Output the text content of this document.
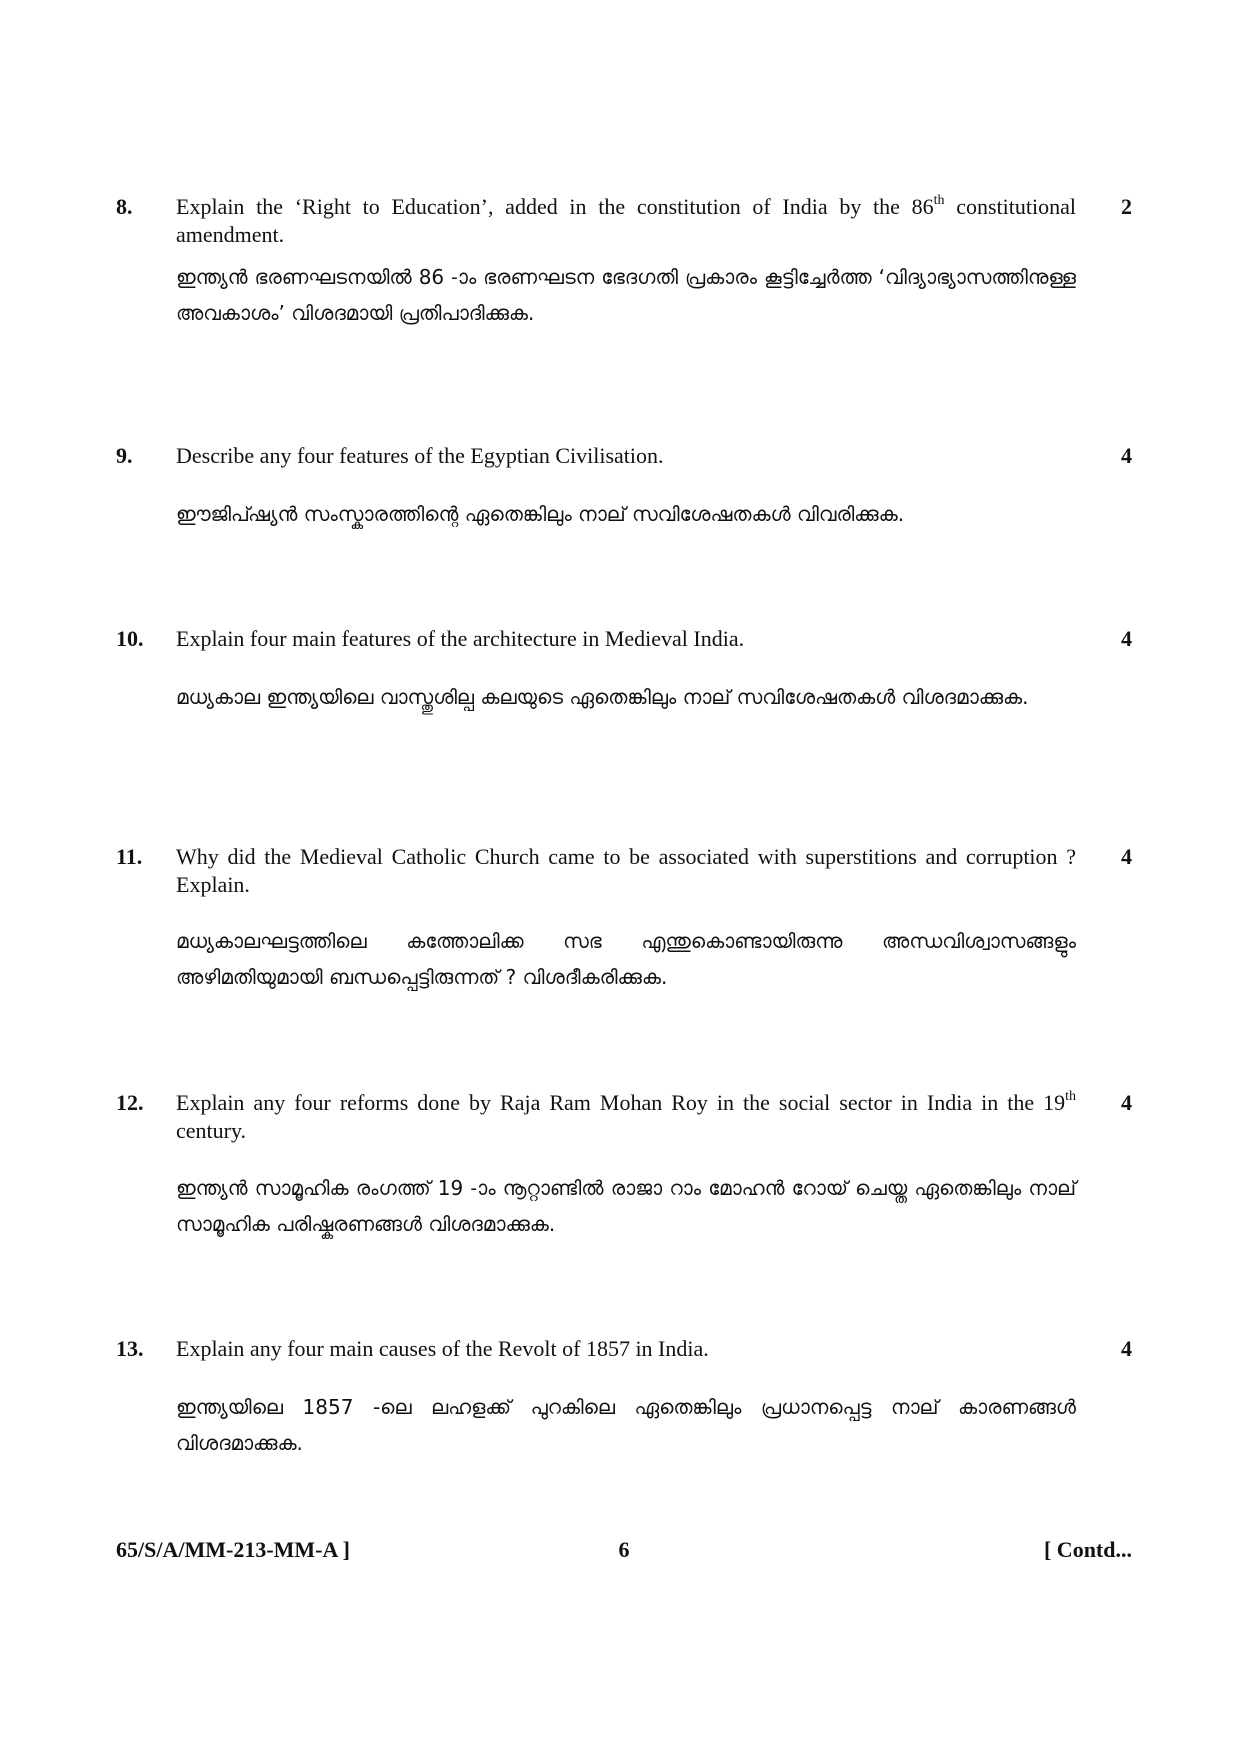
8. Explain the ‘Right to Education’, added in the constitution of India by the 86th constitutional amendment.
2
ഇന്ത്യൻ ഭരണഘടനയിൽ 86 -ാം ഭരണഘടന ഭേദഗതി പ്രകാരം കൂട്ടിച്ചേർത്ത ‘വിദ്യാഭ്യാസത്തിനുള്ള അവകാശം’ വിശദമായി പ്രതിപാദിക്കുക.
9. Describe any four features of the Egyptian Civilisation.	4
ഈജിപ്ഷ്യൻ സംസ്കാരത്തിന്റെ ഏതെങ്കിലും നാല് സവിശേഷതകൾ വിവരിക്കുക.
10. Explain four main features of the architecture in Medieval India.	4
മധ്യകാല ഇന്ത്യയിലെ വാസ്തുശില്പ കലയുടെ ഏതെങ്കിലും നാല് സവിശേഷതകൾ വിശദമാക്കുക.
11. Why did the Medieval Catholic Church came to be associated with superstitions and corruption ? Explain.
4
മധ്യകാലഘട്ടത്തിലെ കത്തോലിക്ക സഭ എന്തുകൊണ്ടായിരുന്നു അന്ധവിശ്വാസങ്ങളും അഴിമതിയുമായി ബന്ധപ്പെട്ടിരുന്നത് ? വിശദീകരിക്കുക.
12. Explain any four reforms done by Raja Ram Mohan Roy in the social sector in India in the 19th century.
4
ഇന്ത്യൻ സാമൂഹിക രംഗത്ത് 19 -ാം നൂറ്റാണ്ടിൽ രാജാ റാം മോഹൻ റോയ് ചെയ്ത ഏതെങ്കിലും നാല് സാമൂഹിക പരിഷ്കരണങ്ങൾ വിശദമാക്കുക.
13. Explain any four main causes of the Revolt of 1857 in India.	4
ഇന്ത്യയിലെ 1857 -ലെ ലഹളക്ക് പുറകിലെ ഏതെങ്കിലും പ്രധാനപ്പെട്ട നാല് കാരണങ്ങൾ വിശദമാക്കുക.
65/S/A/MM-213-MM-A ]	6	[ Contd...
